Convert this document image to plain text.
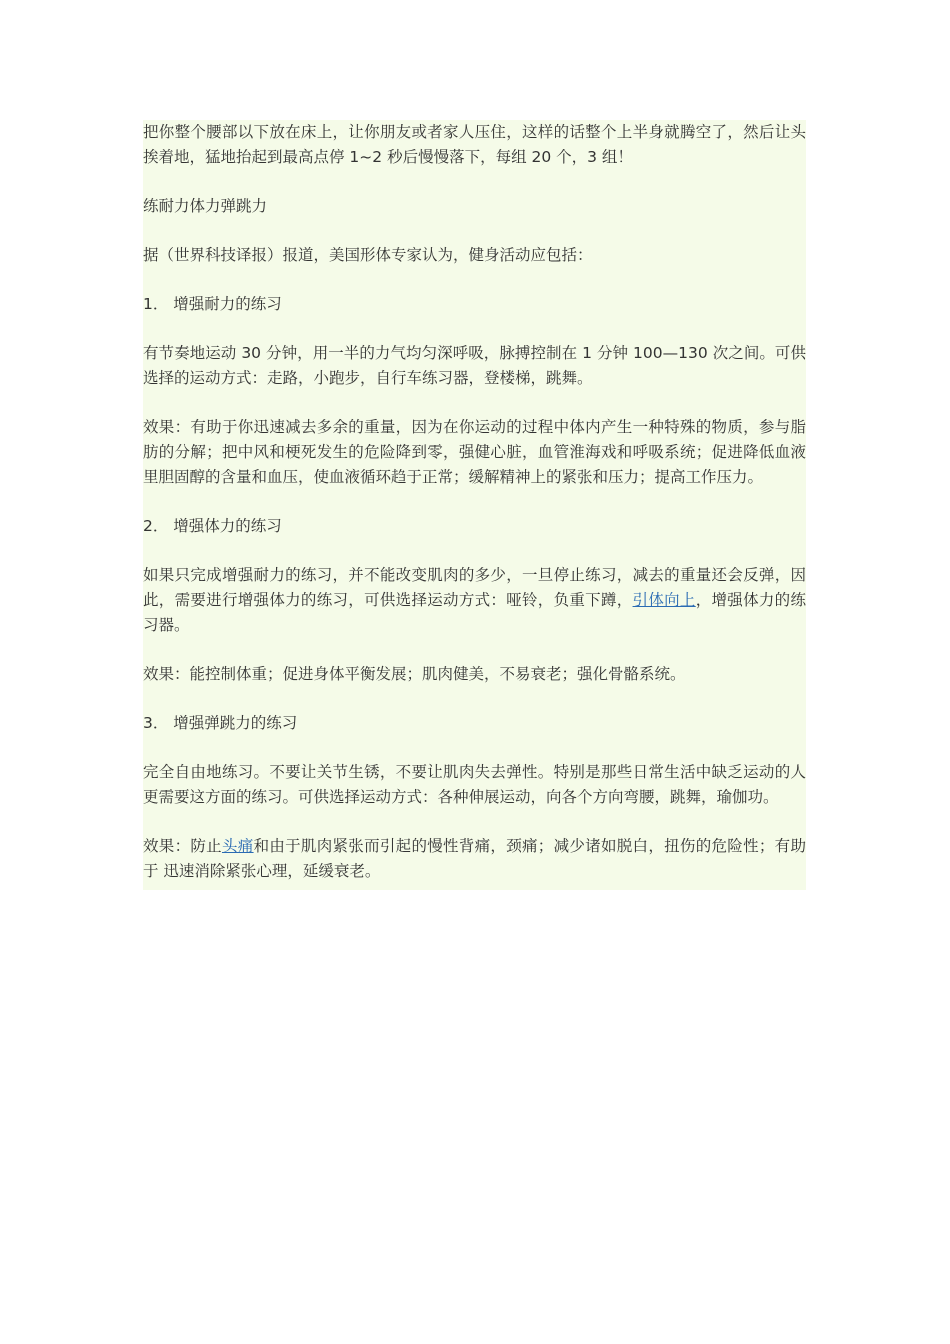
把你整个腰部以下放在床上，让你朋友或者家人压住，这样的话整个上半身就腾空了，然后让头挨着地，猛地抬起到最高点停 1~2 秒后慢慢落下，每组 20 个，3 组！

练耐力体力弹跳力

据（世界科技译报）报道，美国形体专家认为，健身活动应包括：

1． 增强耐力的练习

有节奏地运动 30 分钟，用一半的力气均匀深呼吸，脉搏控制在 1 分钟 100—130 次之间。可供选择的运动方式：走路，小跑步，自行车练习器，登楼梯，跳舞。

效果：有助于你迅速减去多余的重量，因为在你运动的过程中体内产生一种特殊的物质，参与脂肪的分解；把中风和梗死发生的危险降到零，强健心脏，血管淮海戏和呼吸系统；促进降低血液里胆固醇的含量和血压，使血液循环趋于正常；缓解精神上的紧张和压力；提高工作压力。

2． 增强体力的练习

如果只完成增强耐力的练习，并不能改变肌肉的多少，一旦停止练习，减去的重量还会反弹，因此，需要进行增强体力的练习，可供选择运动方式：哑铃，负重下蹲，引体向上，增强体力的练习器。

效果：能控制体重；促进身体平衡发展；肌肉健美，不易衰老；强化骨骼系统。

3． 增强弹跳力的练习

完全自由地练习。不要让关节生锈，不要让肌肉失去弹性。特别是那些日常生活中缺乏运动的人更需要这方面的练习。可供选择运动方式：各种伸展运动，向各个方向弯腰，跳舞，瑜伽功。

效果：防止头痛和由于肌肉紧张而引起的慢性背痛，颈痛；减少诸如脱白，扭伤的危险性；有助于 迅速消除紧张心理，延缓衰老。
